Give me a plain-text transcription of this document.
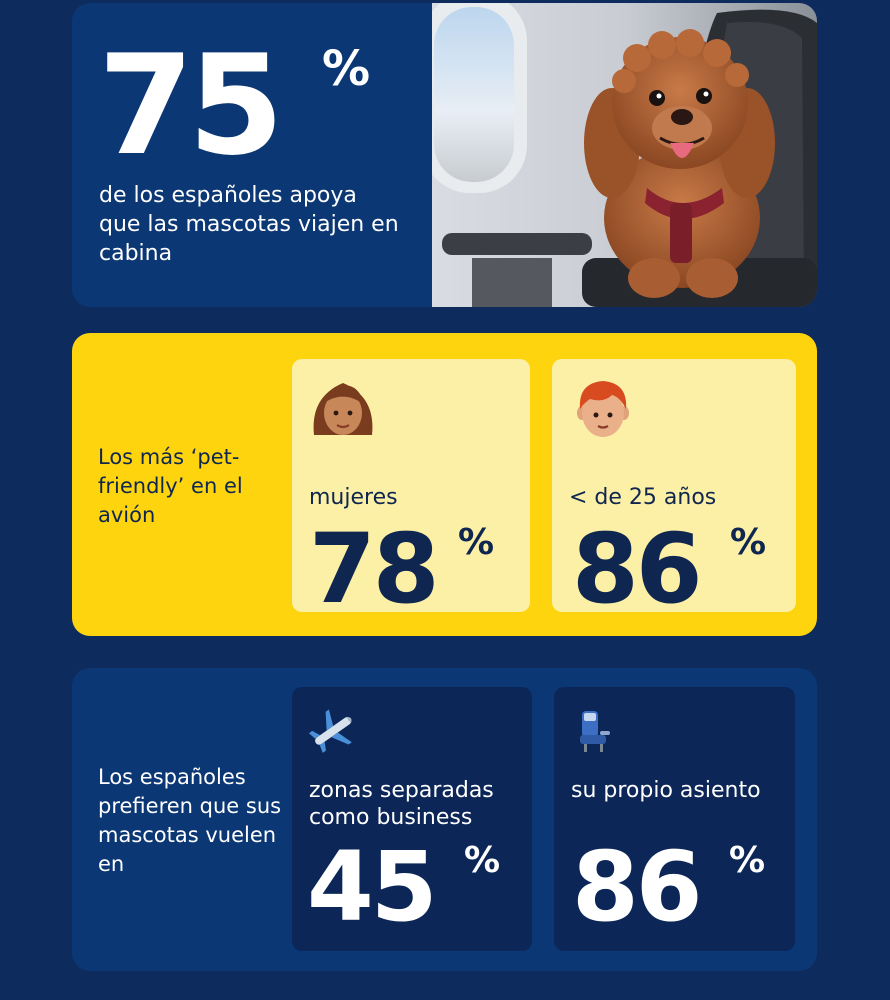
75 %

de los españoles apoya que las mascotas viajen en cabina

Los más ‘pet-friendly’ en el avión

mujeres
78 %
< de 25 años
86 %

Los españoles prefieren que sus mascotas vuelen en

zonas separadas como business
45 %
su propio asiento
86 %
